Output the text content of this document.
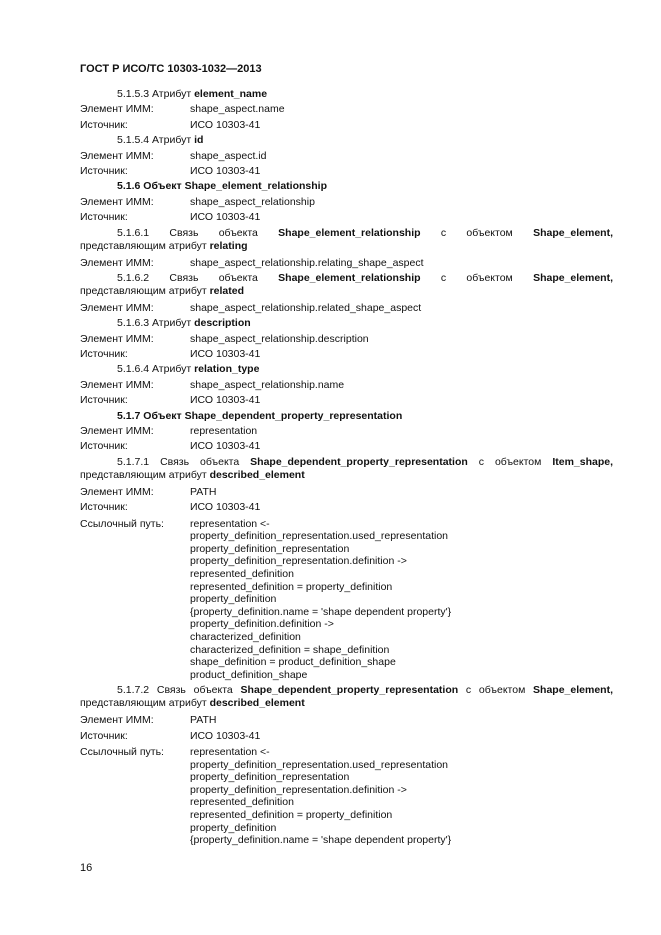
ГОСТ Р ИСО/ТС 10303-1032—2013
5.1.5.3 Атрибут element_name
Элемент ИММ:	shape_aspect.name
Источник:	ИСО 10303-41
5.1.5.4 Атрибут id
Элемент ИММ:	shape_aspect.id
Источник:	ИСО 10303-41
5.1.6 Объект Shape_element_relationship
Элемент ИММ:	shape_aspect_relationship
Источник:	ИСО 10303-41
5.1.6.1 Связь объекта Shape_element_relationship с объектом Shape_element,
представляющим атрибут relating
Элемент ИММ:	shape_aspect_relationship.relating_shape_aspect
5.1.6.2 Связь объекта Shape_element_relationship с объектом Shape_element,
представляющим атрибут related
Элемент ИММ:	shape_aspect_relationship.related_shape_aspect
5.1.6.3 Атрибут description
Элемент ИММ:	shape_aspect_relationship.description
Источник:	ИСО 10303-41
5.1.6.4 Атрибут relation_type
Элемент ИММ:	shape_aspect_relationship.name
Источник:	ИСО 10303-41
5.1.7 Объект Shape_dependent_property_representation
Элемент ИММ:	representation
Источник:	ИСО 10303-41
5.1.7.1 Связь объекта Shape_dependent_property_representation с объектом Item_shape,
представляющим атрибут described_element
Элемент ИММ:	PATH
Источник:	ИСО 10303-41
Ссылочный путь:	representation <-
property_definition_representation.used_representation
property_definition_representation
property_definition_representation.definition ->
represented_definition
represented_definition = property_definition
property_definition
{property_definition.name = 'shape dependent property'}
property_definition.definition ->
characterized_definition
characterized_definition = shape_definition
shape_definition = product_definition_shape
product_definition_shape
5.1.7.2 Связь объекта Shape_dependent_property_representation с объектом Shape_element,
представляющим атрибут described_element
Элемент ИММ:	PATH
Источник:	ИСО 10303-41
Ссылочный путь:	representation <-
property_definition_representation.used_representation
property_definition_representation
property_definition_representation.definition ->
represented_definition
represented_definition = property_definition
property_definition
{property_definition.name = 'shape dependent property'}
16
